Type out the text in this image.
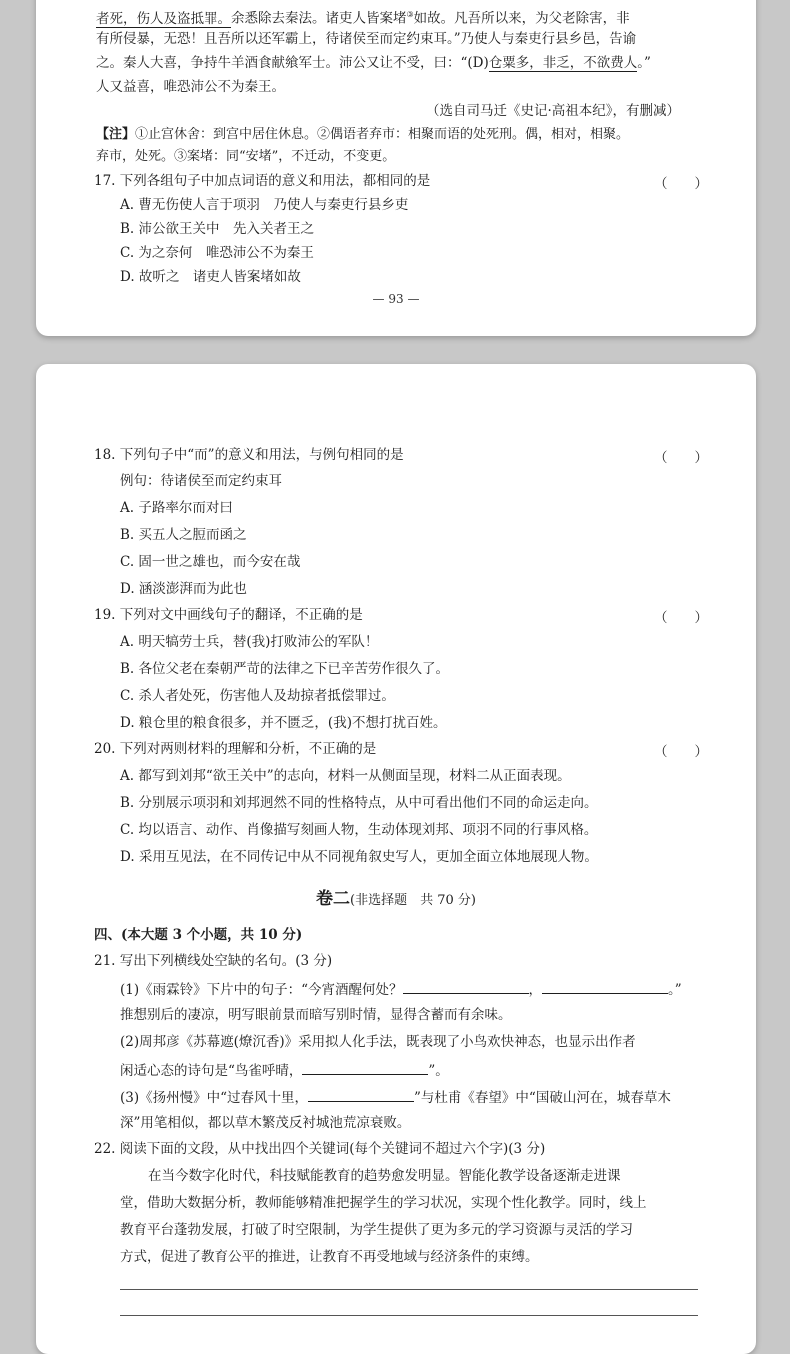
者死，伤人及盗抵罪。余悉除去秦法。诸吏人皆案堵③如故。凡吾所以来，为父老除害，非
有所侵暴，无恐！且吾所以还军霸上，待诸侯至而定约束耳。”乃使人与秦吏行县乡邑，告谕
之。秦人大喜，争持牛羊酒食献飨军士。沛公又让不受，曰：“(D)仓粟多，非乏，不欲费人。”
人又益喜，唯恐沛公不为秦王。
（选自司马迁《史记·高祖本纪》，有删减）
【注】①止宫休舍：到宫中居住休息。②偶语者弃市：相聚而语的处死刑。偶，相对，相聚。
弃市，处死。③案堵：同“安堵”，不迁动，不变更。
17. 下列各组句子中加点词语的意义和用法，都相同的是	（　　）
A. 曹无伤使人言于项羽　乃使人与秦吏行县乡吏
B. 沛公欲王关中　先入关者王之
C. 为之奈何　唯恐沛公不为秦王
D. 故听之　诸吏人皆案堵如故
— 93 —
18. 下列句子中“而”的意义和用法，与例句相同的是	（　　）
例句：待诸侯至而定约束耳
A. 子路率尔而对曰
B. 买五人之脰而函之
C. 固一世之雄也，而今安在哉
D. 涵淡澎湃而为此也
19. 下列对文中画线句子的翻译，不正确的是	（　　）
A. 明天犒劳士兵，替(我)打败沛公的军队！
B. 各位父老在秦朝严苛的法律之下已辛苦劳作很久了。
C. 杀人者处死，伤害他人及劫掠者抵偿罪过。
D. 粮仓里的粮食很多，并不匮乏，(我)不想打扰百姓。
20. 下列对两则材料的理解和分析，不正确的是	（　　）
A. 都写到刘邦“欲王关中”的志向，材料一从侧面呈现，材料二从正面表现。
B. 分别展示项羽和刘邦迥然不同的性格特点，从中可看出他们不同的命运走向。
C. 均以语言、动作、肖像描写刻画人物，生动体现刘邦、项羽不同的行事风格。
D. 采用互见法，在不同传记中从不同视角叙史写人，更加全面立体地展现人物。
卷二(非选择题　共 70 分)
四、(本大题 3 个小题，共 10 分)
21. 写出下列横线处空缺的名句。(3 分)
(1)《雨霖铃》下片中的句子：“今宵酒醒何处？	，	。”
推想别后的凄凉，明写眼前景而暗写别时情，显得含蓄而有余味。
(2)周邦彦《苏幕遮(燎沉香)》采用拟人化手法，既表现了小鸟欢快神态，也显示出作者
闲适心态的诗句是“鸟雀呼晴，	”。
(3)《扬州慢》中“过春风十里，	”与杜甫《春望》中“国破山河在，城春草木
深”用笔相似，都以草木繁茂反衬城池荒凉衰败。
22. 阅读下面的文段，从中找出四个关键词(每个关键词不超过六个字)(3 分)
在当今数字化时代，科技赋能教育的趋势愈发明显。智能化教学设备逐渐走进课
堂，借助大数据分析，教师能够精准把握学生的学习状况，实现个性化教学。同时，线上
教育平台蓬勃发展，打破了时空限制，为学生提供了更为多元的学习资源与灵活的学习
方式，促进了教育公平的推进，让教育不再受地域与经济条件的束缚。
